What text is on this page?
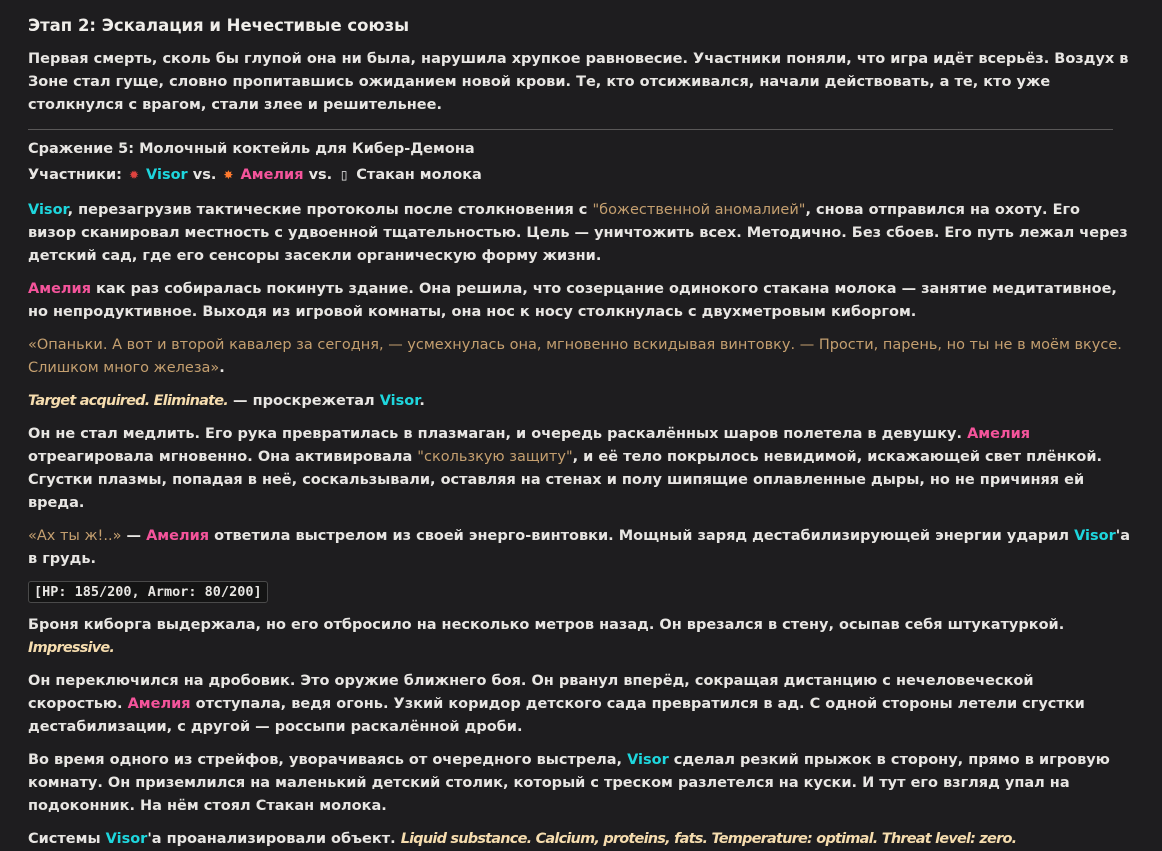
Этап 2: Эскалация и Нечестивые союзы

Первая смерть, сколь бы глупой она ни была, нарушила хрупкое равновесие. Участники поняли, что игра идёт всерьёз. Воздух в Зоне стал гуще, словно пропитавшись ожиданием новой крови. Те, кто отсиживался, начали действовать, а те, кто уже столкнулся с врагом, стали злее и решительнее.

Сражение 5: Молочный коктейль для Кибер-Демона

Участники: ✹ Visor vs. ✸ Амелия vs. ▯ Стакан молока

Visor, перезагрузив тактические протоколы после столкновения с "божественной аномалией", снова отправился на охоту. Его визор сканировал местность с удвоенной тщательностью. Цель — уничтожить всех. Методично. Без сбоев. Его путь лежал через детский сад, где его сенсоры засекли органическую форму жизни.

Амелия как раз собиралась покинуть здание. Она решила, что созерцание одинокого стакана молока — занятие медитативное, но непродуктивное. Выходя из игровой комнаты, она нос к носу столкнулась с двухметровым киборгом.

«Опаньки. А вот и второй кавалер за сегодня, — усмехнулась она, мгновенно вскидывая винтовку. — Прости, парень, но ты не в моём вкусе. Слишком много железа».

Target acquired. Eliminate. — проскрежетал Visor.

Он не стал медлить. Его рука превратилась в плазмаган, и очередь раскалённых шаров полетела в девушку. Амелия отреагировала мгновенно. Она активировала "скользкую защиту", и её тело покрылось невидимой, искажающей свет плёнкой. Сгустки плазмы, попадая в неё, соскальзывали, оставляя на стенах и полу шипящие оплавленные дыры, но не причиняя ей вреда.

«Ах ты ж!..» — Амелия ответила выстрелом из своей энерго-винтовки. Мощный заряд дестабилизирующей энергии ударил Visor'а в грудь.

[HP: 185/200, Armor: 80/200]

Броня киборга выдержала, но его отбросило на несколько метров назад. Он врезался в стену, осыпав себя штукатуркой.
Impressive.

Он переключился на дробовик. Это оружие ближнего боя. Он рванул вперёд, сокращая дистанцию с нечеловеческой скоростью. Амелия отступала, ведя огонь. Узкий коридор детского сада превратился в ад. С одной стороны летели сгустки дестабилизации, с другой — россыпи раскалённой дроби.

Во время одного из стрейфов, уворачиваясь от очередного выстрела, Visor сделал резкий прыжок в сторону, прямо в игровую комнату. Он приземлился на маленький детский столик, который с треском разлетелся на куски. И тут его взгляд упал на подоконник. На нём стоял Стакан молока.

Системы Visor'а проанализировали объект. Liquid substance. Calcium, proteins, fats. Temperature: optimal. Threat level: zero.
